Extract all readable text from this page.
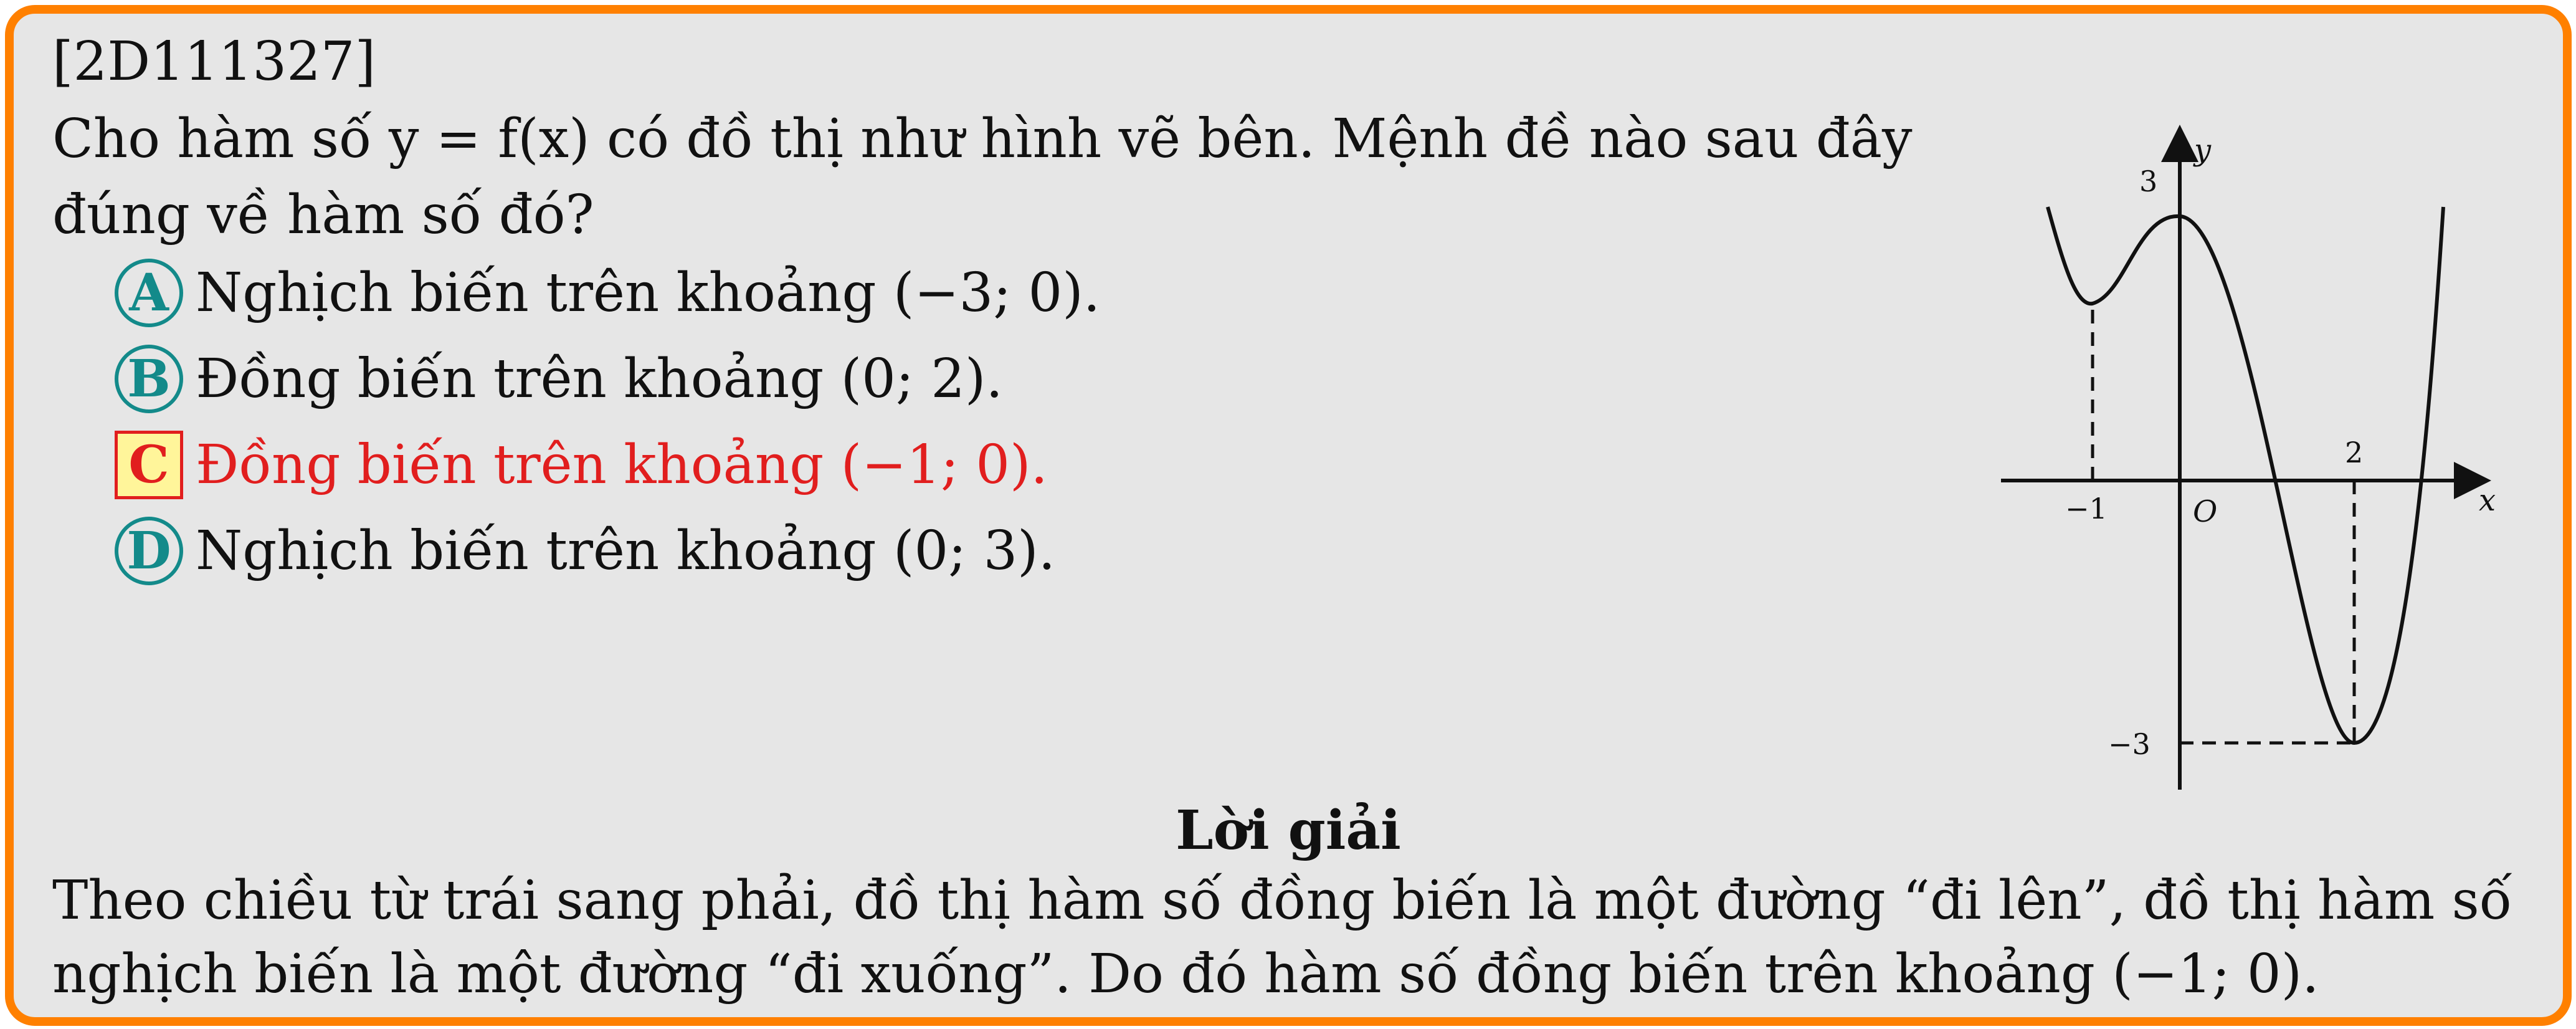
[2D111327]
Cho hàm số y = f(x) có đồ thị như hình vẽ bên. Mệnh đề nào sau đây
đúng về hàm số đó?
A Nghịch biến trên khoảng (−3; 0).
B Đồng biến trên khoảng (0; 2).
C Đồng biến trên khoảng (−1; 0).
D Nghịch biến trên khoảng (0; 3).
y
x
O
3
−3
−1
2
Lời giải
Theo chiều từ trái sang phải, đồ thị hàm số đồng biến là một đường “đi lên”, đồ thị hàm số
nghịch biến là một đường “đi xuống”. Do đó hàm số đồng biến trên khoảng (−1; 0).
